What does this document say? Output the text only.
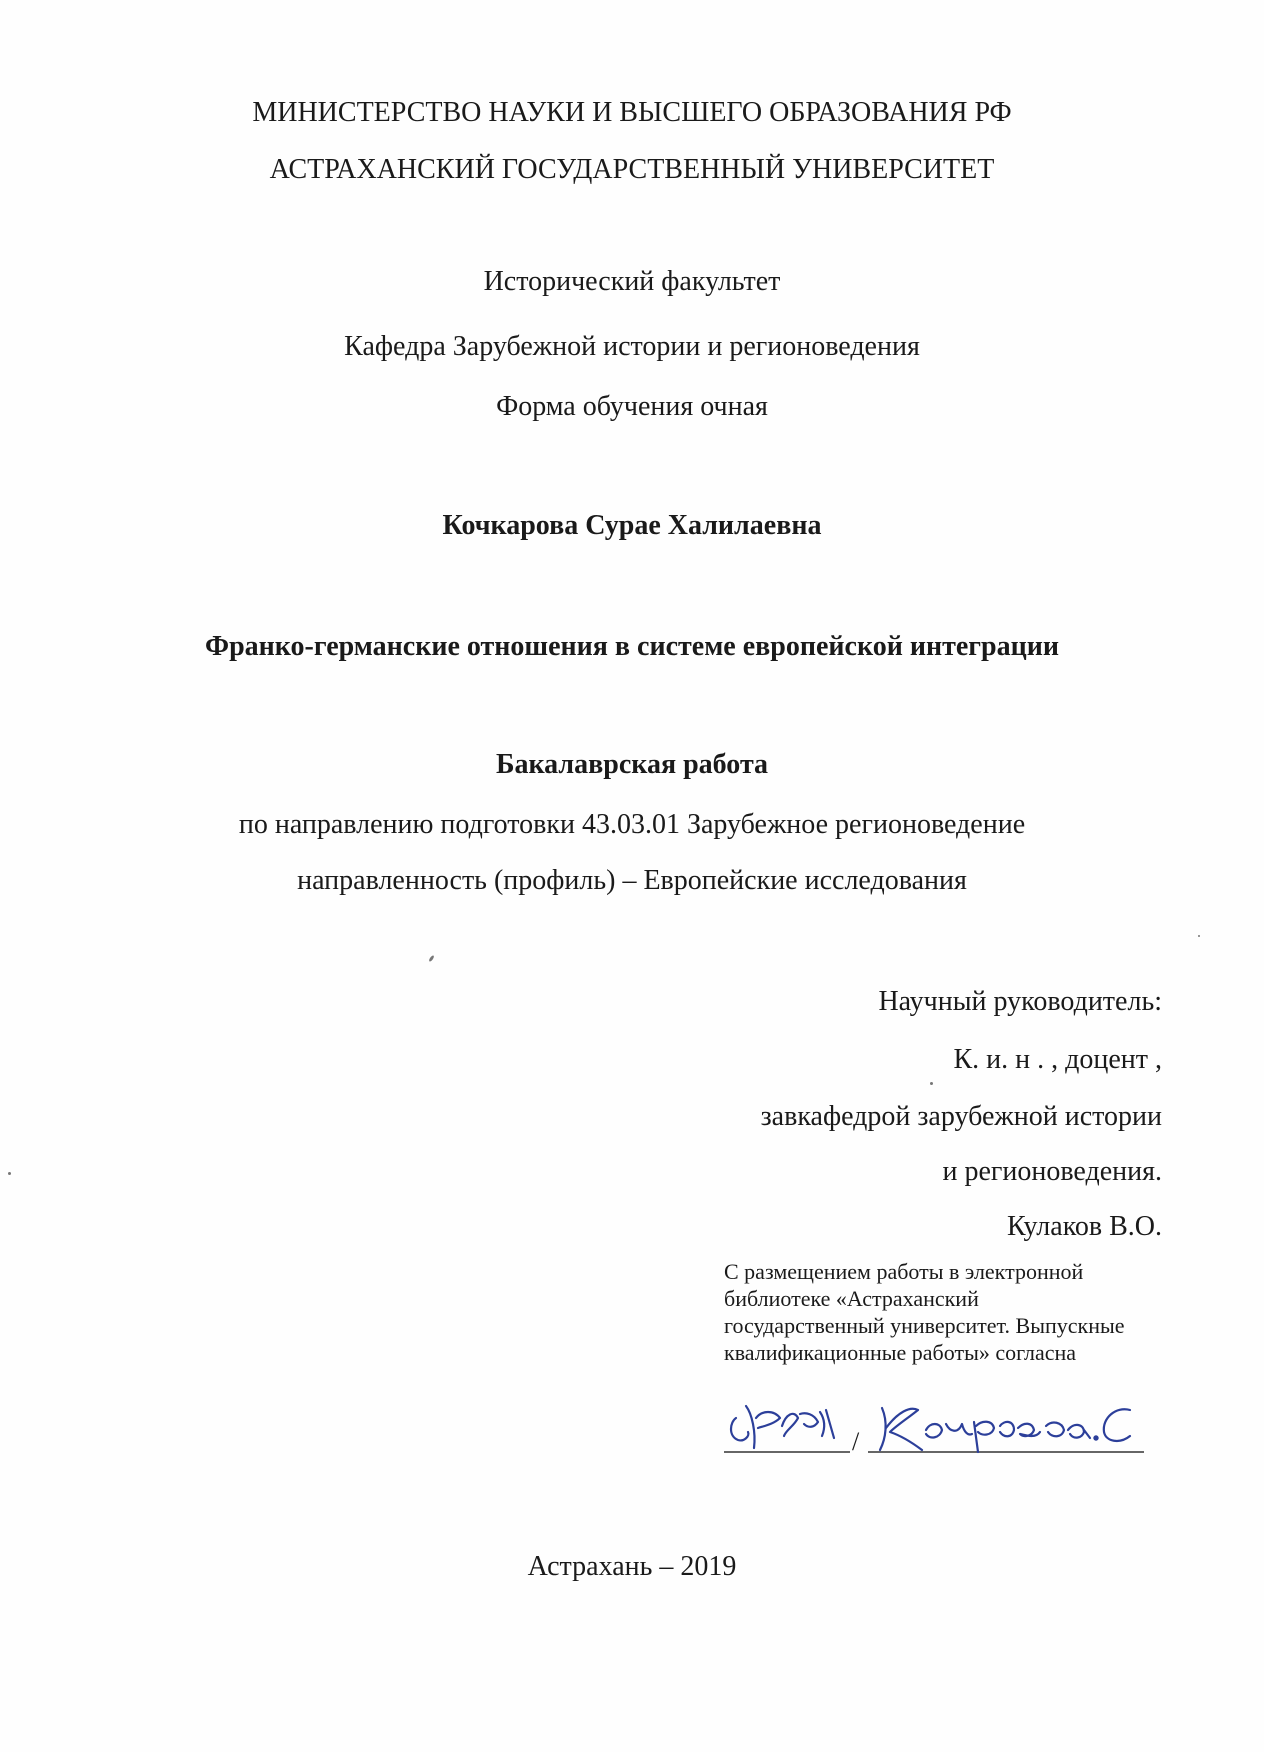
МИНИСТЕРСТВО НАУКИ И ВЫСШЕГО ОБРАЗОВАНИЯ РФ
АСТРАХАНСКИЙ ГОСУДАРСТВЕННЫЙ УНИВЕРСИТЕТ
Исторический факультет
Кафедра Зарубежной истории и регионоведения
Форма обучения очная
Кочкарова Сурае Халилаевна
Франко-германские отношения в системе европейской интеграции
Бакалаврская работа
по направлению подготовки 43.03.01 Зарубежное регионоведение
направленность (профиль) – Европейские исследования
Научный руководитель:
К. и. н . , доцент ,
завкафедрой зарубежной истории
и регионоведения.
Кулаков В.О.
С размещением работы в электронной библиотеке «Астраханский государственный университет. Выпускные квалификационные работы» согласна
/
Астрахань – 2019
